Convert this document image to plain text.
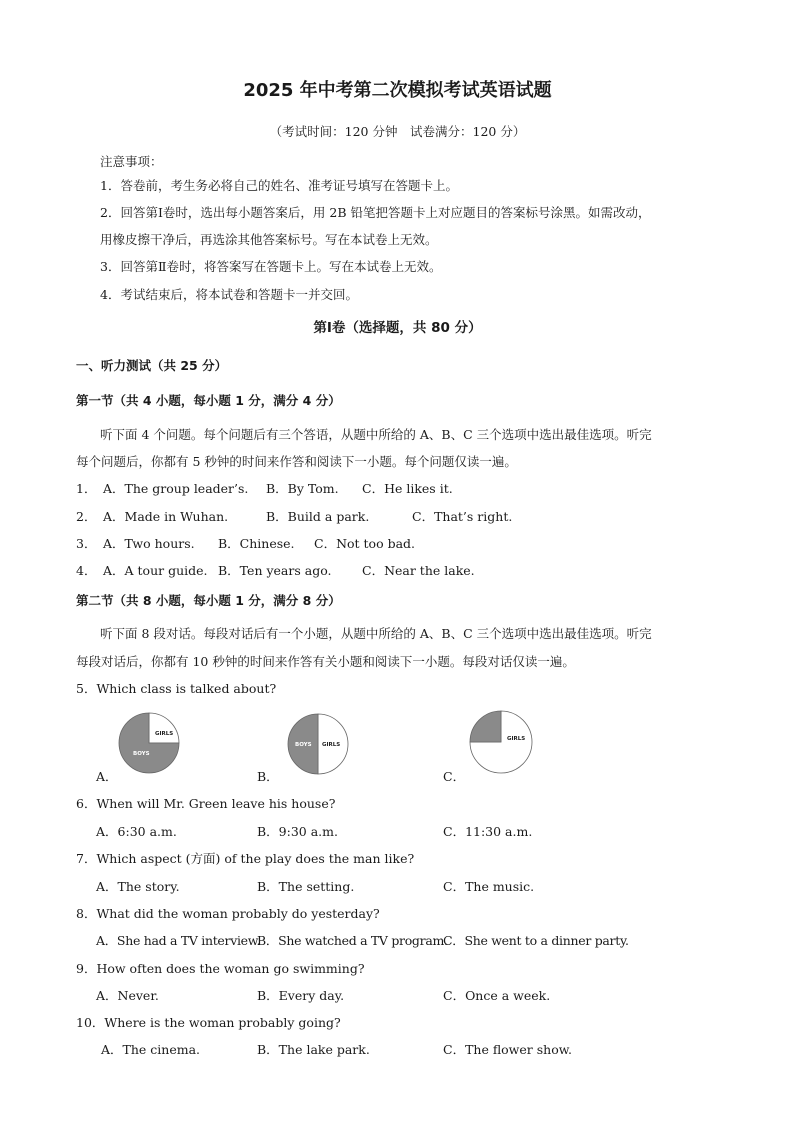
2025 年中考第二次模拟考试英语试题
（考试时间：120 分钟　试卷满分：120 分）
注意事项：
1．答卷前，考生务必将自己的姓名、准考证号填写在答题卡上。
2．回答第Ⅰ卷时，选出每小题答案后，用 2B 铅笔把答题卡上对应题目的答案标号涂黑。如需改动，
用橡皮擦干净后，再选涂其他答案标号。写在本试卷上无效。
3．回答第Ⅱ卷时，将答案写在答题卡上。写在本试卷上无效。
4．考试结束后，将本试卷和答题卡一并交回。
第Ⅰ卷（选择题，共 80 分）
一、听力测试（共 25 分）
第一节（共 4 小题，每小题 1 分，满分 4 分）
听下面 4 个问题。每个问题后有三个答语，从题中所给的 A、B、C 三个选项中选出最佳选项。听完
每个问题后，你都有 5 秒钟的时间来作答和阅读下一小题。每个问题仅读一遍。
1． A．The group leader’s. B．By Tom. C．He likes it.
2． A．Made in Wuhan.	B．Build a park.	C．That’s right.
3． A．Two hours. B．Chinese. C．Not too bad.
4． A．A tour guide. B．Ten years ago. C．Near the lake.
第二节（共 8 小题，每小题 1 分，满分 8 分）
听下面 8 段对话。每段对话后有一个小题，从题中所给的 A、B、C 三个选项中选出最佳选项。听完
每段对话后，你都有 10 秒钟的时间来作答有关小题和阅读下一小题。每段对话仅读一遍。
5．Which class is talked about?
GIRLS
BOYS
GIRLS
BOYS
GIRLS
BOYS
A．	B．	C．
6．When will Mr. Green leave his house?
A．6:30 a.m.	B．9:30 a.m.	C．11:30 a.m.
7．Which aspect (方面) of the play does the man like?
A．The story.	B．The setting.	C．The music.
8．What did the woman probably do yesterday?
A．She had a TV interview.
B．She watched a TV program.
C．She went to a dinner party.
9．How often does the woman go swimming?
A．Never.	B．Every day.	C．Once a week.
10．Where is the woman probably going?
A．The cinema.	B．The lake park.	C．The flower show.
